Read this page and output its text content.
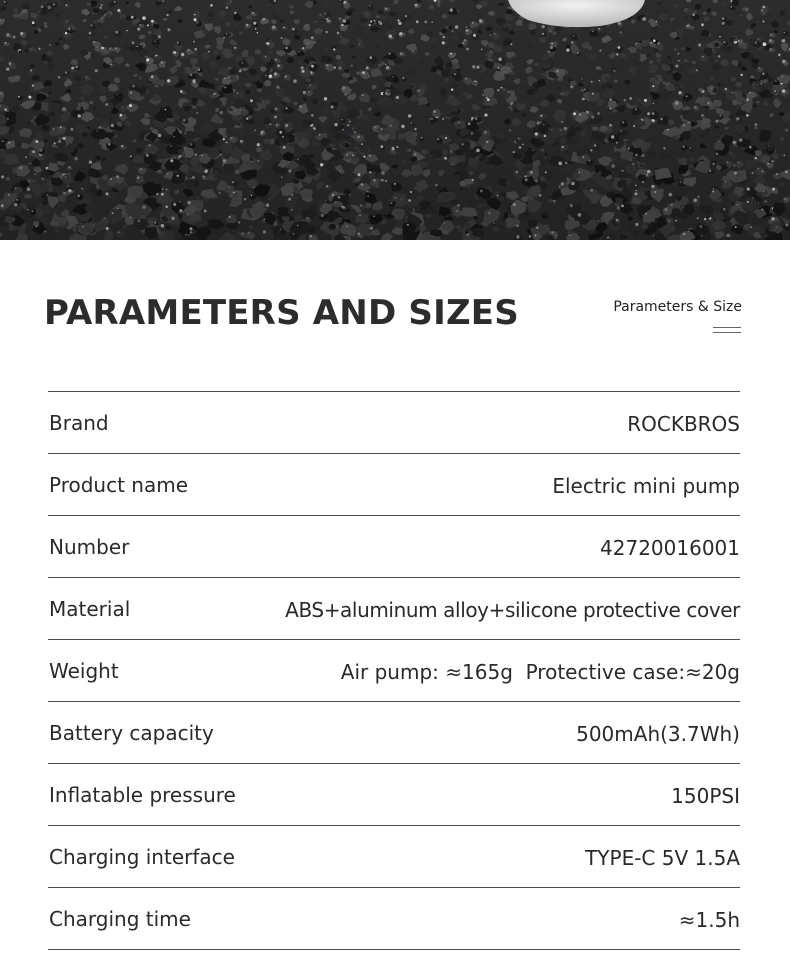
PARAMETERS AND SIZES	Parameters & Size
Brand	ROCKBROS
Product name	Electric mini pump
Number	42720016001
Material	ABS+aluminum alloy+silicone protective cover
Weight	Air pump: ≈165g  Protective case:≈20g
Battery capacity	500mAh(3.7Wh)
Inflatable pressure	150PSI
Charging interface	TYPE-C 5V 1.5A
Charging time	≈1.5h
